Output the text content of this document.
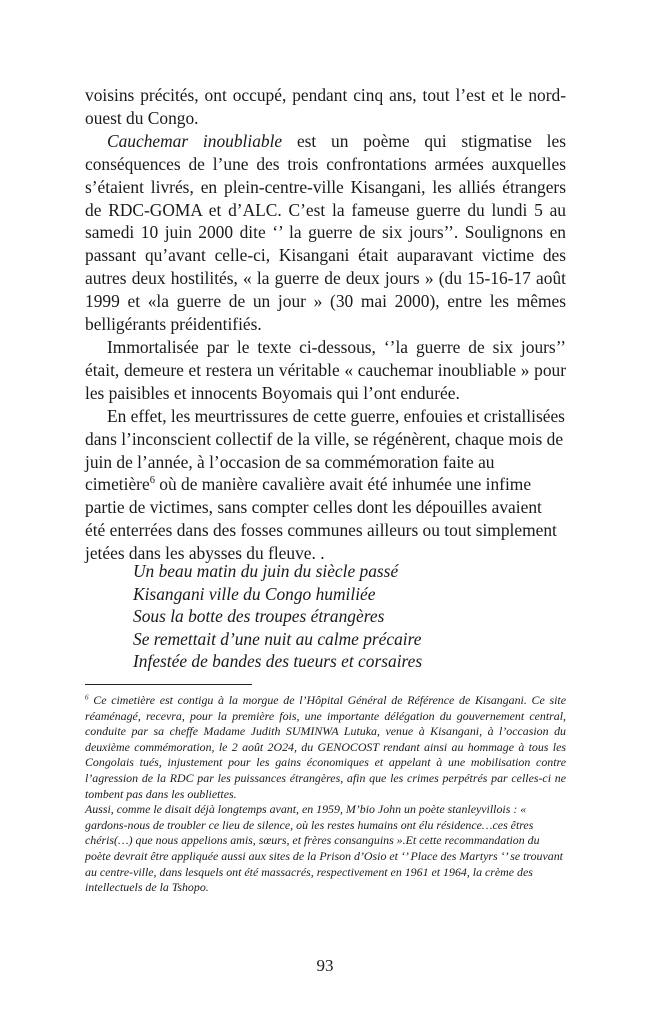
voisins précités, ont occupé, pendant cinq ans, tout l’est et le nord-ouest du Congo.

Cauchemar inoubliable est un poème qui stigmatise les conséquences de l’une des trois confrontations armées auxquelles s’étaient livrés, en plein-centre-ville Kisangani, les alliés étrangers de RDC-GOMA et d’ALC. C’est la fameuse guerre du lundi 5 au samedi 10 juin 2000 dite ‘’ la guerre de six jours’’. Soulignons en passant qu’avant celle-ci, Kisangani était auparavant victime des autres deux hostilités, « la guerre de deux jours » (du 15-16-17 août 1999 et «la guerre de un jour » (30 mai 2000), entre les mêmes belligérants préidentifiés.

Immortalisée par le texte ci-dessous, ‘’la guerre de six jours’’ était, demeure et restera un véritable « cauchemar inoubliable » pour les paisibles et innocents Boyomais qui l’ont endurée.

En effet, les meurtrissures de cette guerre, enfouies et cristallisées dans l’inconscient collectif de la ville, se régénèrent, chaque mois de juin de l’année, à l’occasion de sa commémoration faite au cimetière$^6$ où de manière cavalière avait été inhumée une infime partie de victimes, sans compter celles dont les dépouilles avaient été enterrées dans des fosses communes ailleurs ou tout simplement jetées dans les abysses du fleuve. .

Un beau matin du juin du siècle passé
Kisangani ville du Congo humiliée
Sous la botte des troupes étrangères
Se remettait d’une nuit au calme précaire
Infestée de bandes des tueurs et corsaires

$^6$ Ce cimetière est contigu à la morgue de l’Hôpital Général de Référence de Kisangani. Ce site réaménagé, recevra, pour la première fois, une importante délégation du gouvernement central, conduite par sa cheffe Madame Judith SUMINWA Lutuka, venue à Kisangani, à l’occasion du deuxième commémoration, le 2 août 2O24, du GENOCOST rendant ainsi au hommage à tous les Congolais tués, injustement pour les gains économiques et appelant à une mobilisation contre l’agression de la RDC par les puissances étrangères, afin que les crimes perpétrés par celles-ci ne tombent pas dans les oubliettes.

Aussi, comme le disait déjà longtemps avant, en 1959, M’bio John un poète stanleyvillois : « gardons-nous de troubler ce lieu de silence, où les restes humains ont élu résidence…ces êtres chéris(…) que nous appelions amis, sœurs, et frères consanguins ».Et cette recommandation du poète devrait être appliquée aussi aux sites de la Prison d’Osio et ‘’ Place des Martyrs ‘’ se trouvant au centre-ville, dans lesquels ont été massacrés, respectivement en 1961 et 1964, la crème des intellectuels de la Tshopo.

93
